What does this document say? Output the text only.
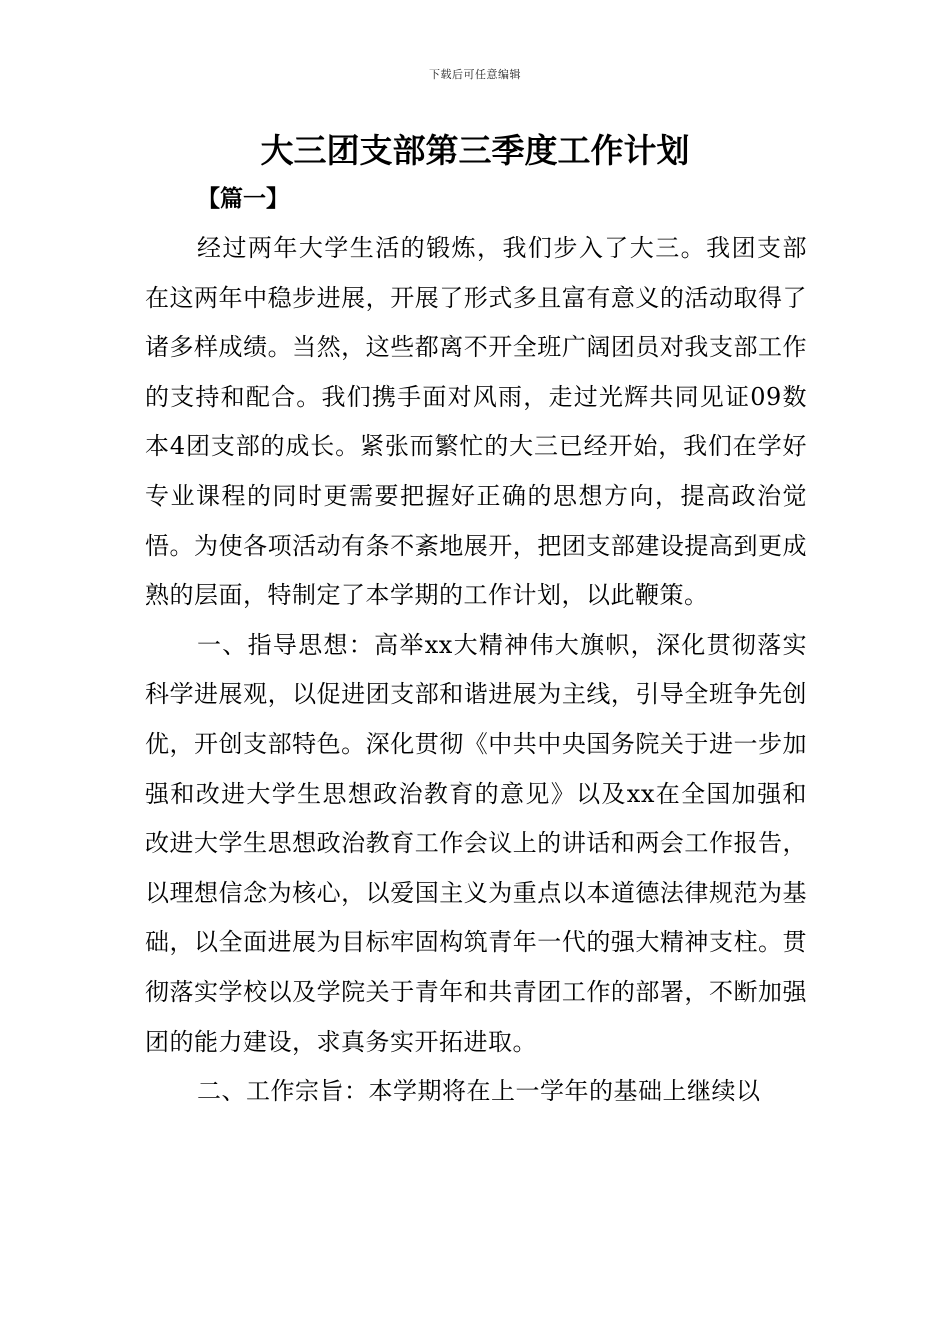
下载后可任意编辑
大三团支部第三季度工作计划
【篇一】

经过两年大学生活的锻炼，我们步入了大三。我团支部在这两年中稳步进展，开展了形式多且富有意义的活动取得了诸多样成绩。当然，这些都离不开全班广阔团员对我支部工作的支持和配合。我们携手面对风雨，走过光辉共同见证09数本4团支部的成长。紧张而繁忙的大三已经开始，我们在学好专业课程的同时更需要把握好正确的思想方向，提高政治觉悟。为使各项活动有条不紊地展开，把团支部建设提高到更成熟的层面，特制定了本学期的工作计划，以此鞭策。

一、指导思想：高举xx大精神伟大旗帜，深化贯彻落实科学进展观，以促进团支部和谐进展为主线，引导全班争先创优，开创支部特色。深化贯彻《中共中央国务院关于进一步加强和改进大学生思想政治教育的意见》以及xx在全国加强和改进大学生思想政治教育工作会议上的讲话和两会工作报告，以理想信念为核心，以爱国主义为重点以本道德法律规范为基础，以全面进展为目标牢固构筑青年一代的强大精神支柱。贯彻落实学校以及学院关于青年和共青团工作的部署，不断加强团的能力建设，求真务实开拓进取。

二、工作宗旨：本学期将在上一学年的基础上继续以
